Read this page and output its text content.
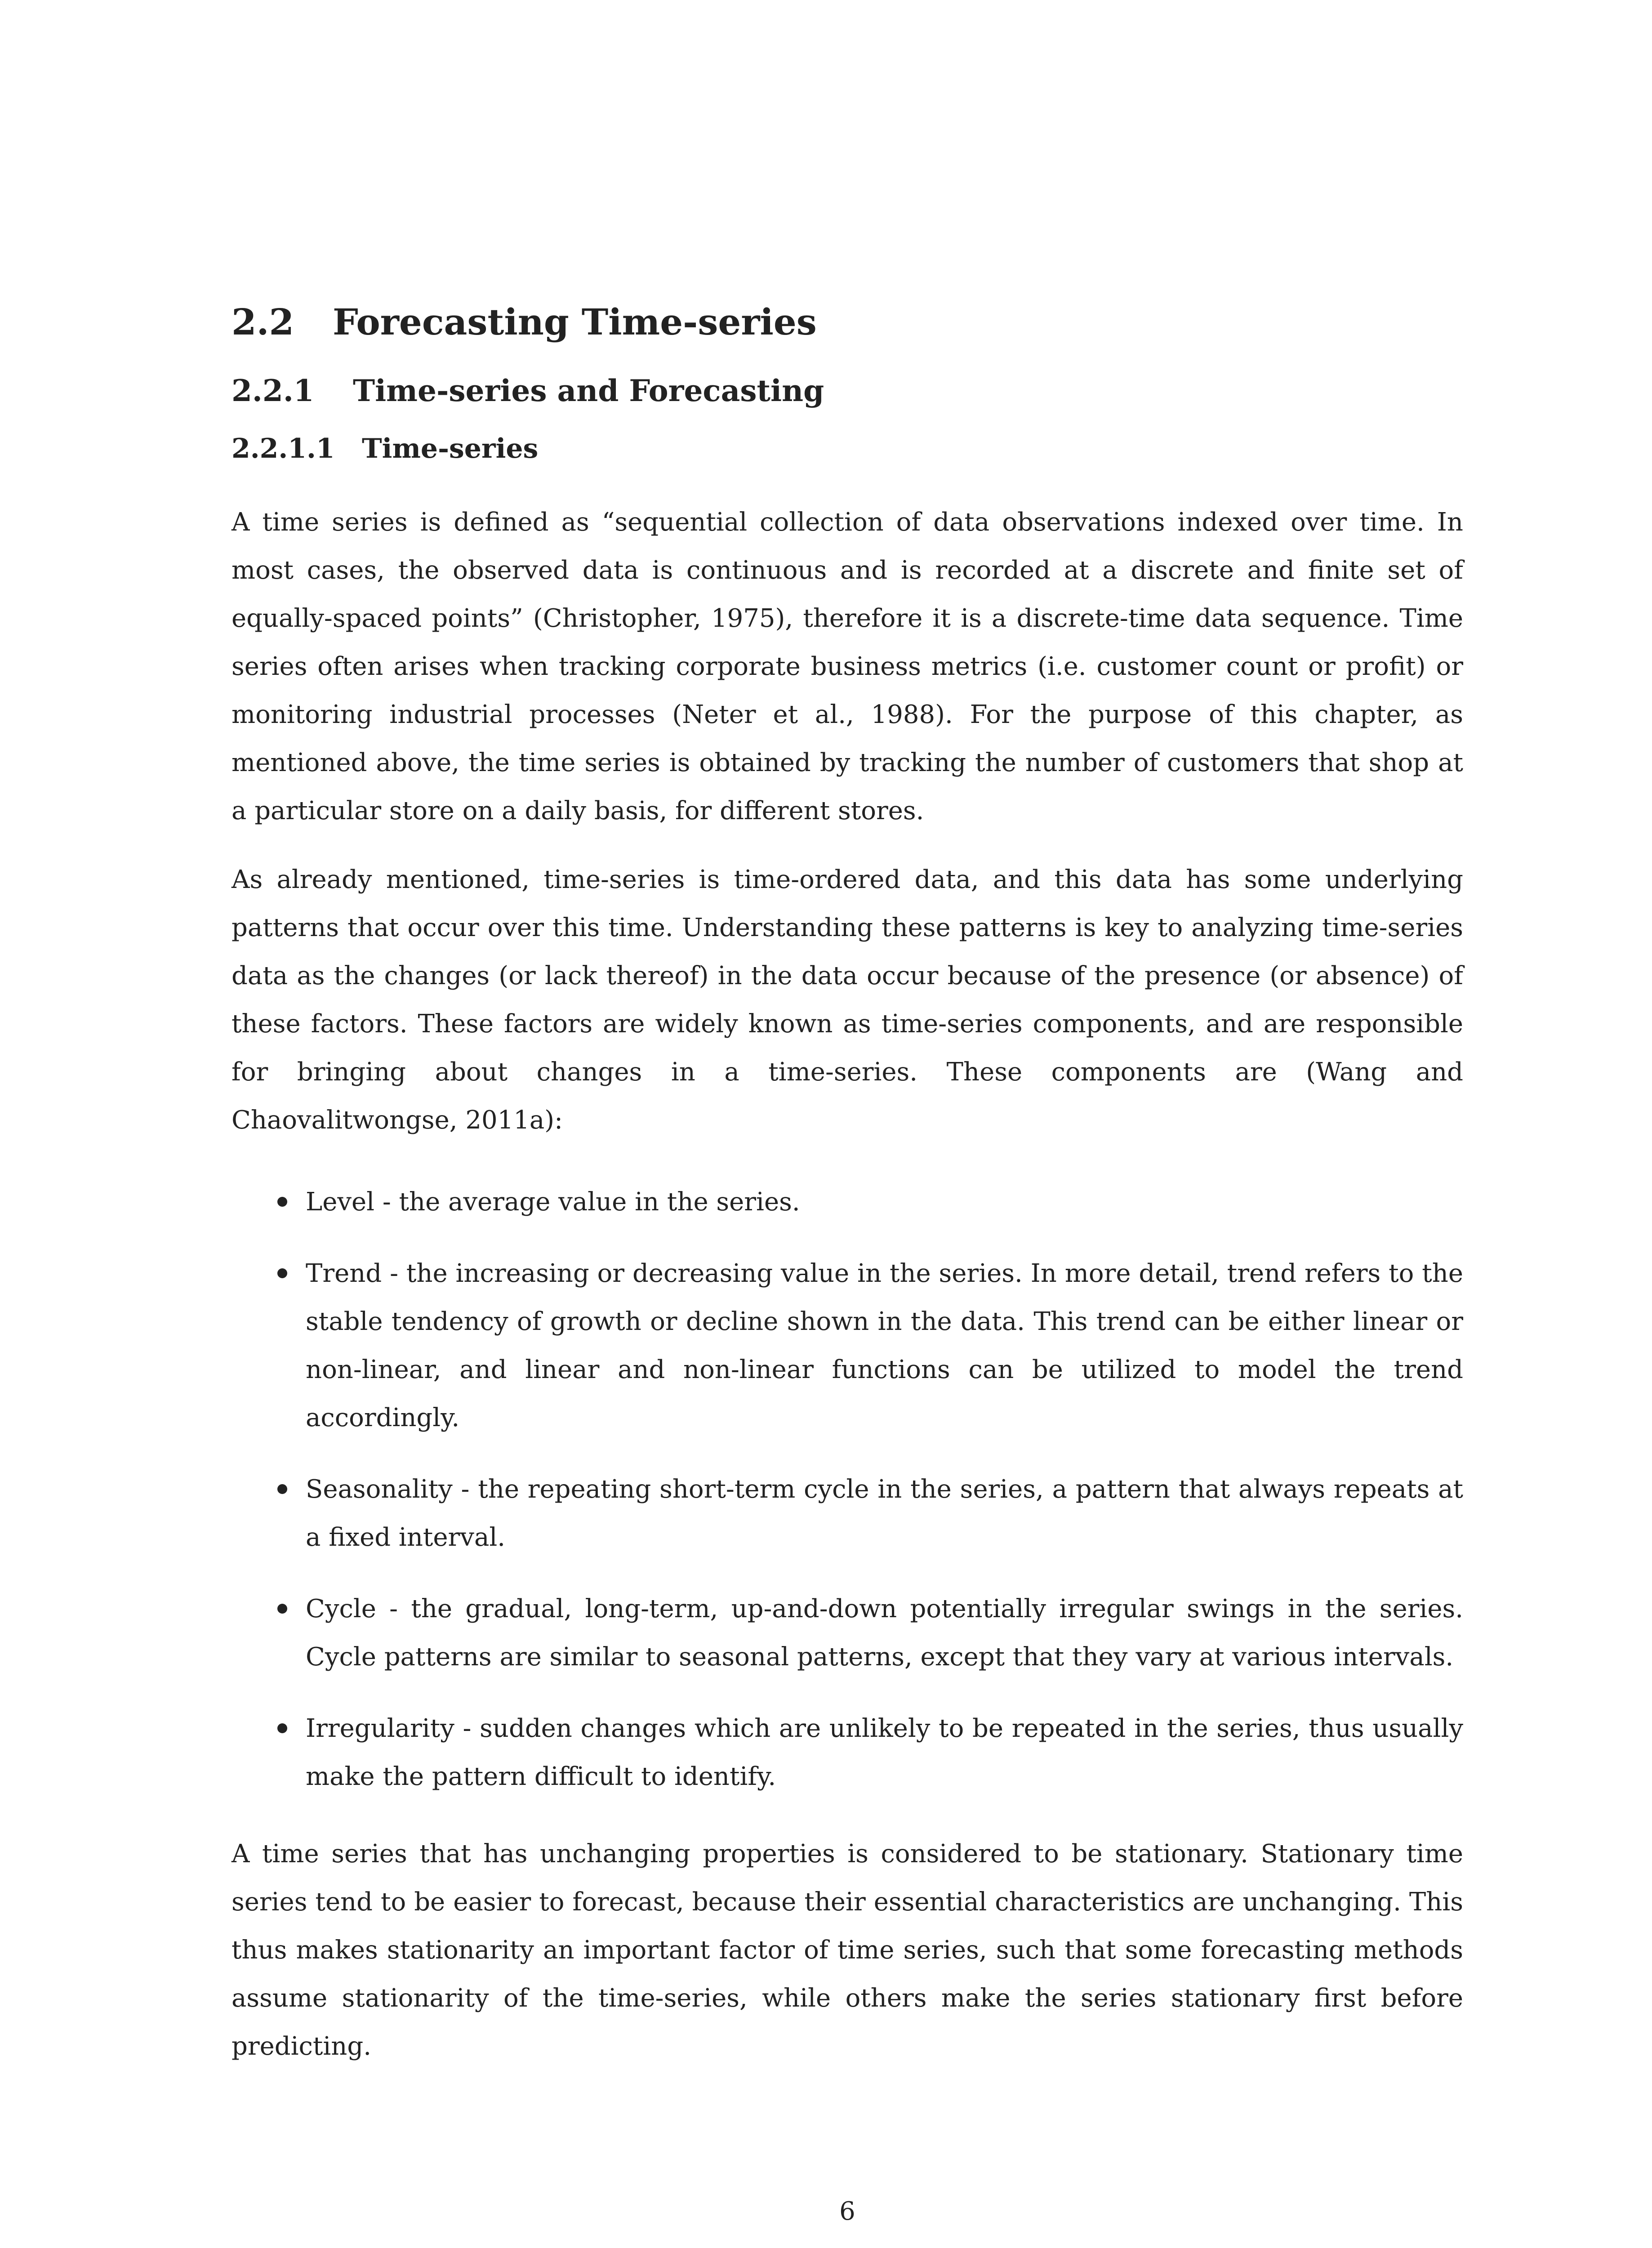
2.2 Forecasting Time-series
2.2.1 Time-series and Forecasting
2.2.1.1 Time-series

A time series is defined as “sequential collection of data observations indexed over time. In most cases, the observed data is continuous and is recorded at a discrete and finite set of equally-spaced points” (Christopher, 1975), therefore it is a discrete-time data sequence. Time series often arises when tracking corporate business metrics (i.e. customer count or profit) or monitoring industrial processes (Neter et al., 1988). For the purpose of this chapter, as mentioned above, the time series is obtained by tracking the number of customers that shop at a particular store on a daily basis, for different stores.

As already mentioned, time-series is time-ordered data, and this data has some underlying patterns that occur over this time. Understanding these patterns is key to analyzing time-series data as the changes (or lack thereof) in the data occur because of the presence (or absence) of these factors. These factors are widely known as time-series components, and are responsible for bringing about changes in a time-series. These components are (Wang and Chaovalitwongse, 2011a):

Level - the average value in the series.
Trend - the increasing or decreasing value in the series. In more detail, trend refers to the stable tendency of growth or decline shown in the data. This trend can be either linear or non-linear, and linear and non-linear functions can be utilized to model the trend accordingly.
Seasonality - the repeating short-term cycle in the series, a pattern that always repeats at a fixed interval.
Cycle - the gradual, long-term, up-and-down potentially irregular swings in the series. Cycle patterns are similar to seasonal patterns, except that they vary at various intervals.
Irregularity - sudden changes which are unlikely to be repeated in the series, thus usually make the pattern difficult to identify.

A time series that has unchanging properties is considered to be stationary. Stationary time series tend to be easier to forecast, because their essential characteristics are unchanging. This thus makes stationarity an important factor of time series, such that some forecasting methods assume stationarity of the time-series, while others make the series stationary first before predicting.

6
